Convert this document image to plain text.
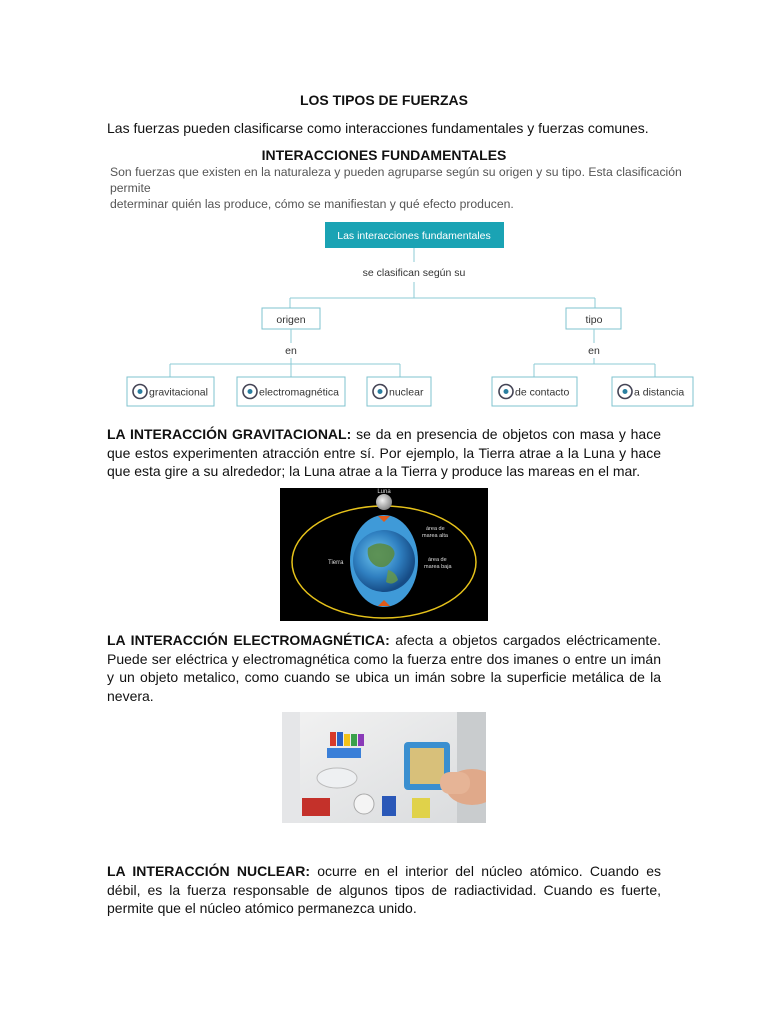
LOS TIPOS DE FUERZAS
Las fuerzas pueden clasificarse como interacciones fundamentales y fuerzas comunes.
INTERACCIONES FUNDAMENTALES
Son fuerzas que existen en la naturaleza y pueden agruparse según su origen y su tipo. Esta clasificación permite
determinar quién las produce, cómo se manifiestan y qué efecto producen.
Las interacciones fundamentales
se clasifican según su
origen
en
tipo
en
gravitacional	electromagnética	nuclear	de contacto	a distancia
LA INTERACCIÓN GRAVITACIONAL: se da en presencia de objetos con masa y hace que estos experimenten atracción entre sí. Por ejemplo, la Tierra atrae a la Luna y hace que esta gire a su alrededor; la Luna atrae a la Tierra y produce las mareas en el mar.
Luna
Tierra
área de
marea alta
área de
marea baja
LA INTERACCIÓN ELECTROMAGNÉTICA: afecta a objetos cargados eléctricamente. Puede ser eléctrica y electromagnética como la fuerza entre dos imanes o entre un imán y un objeto metalico, como cuando se ubica un imán sobre la superficie metálica de la nevera.
LA INTERACCIÓN NUCLEAR: ocurre en el interior del núcleo atómico. Cuando es débil, es la fuerza responsable de algunos tipos de radiactividad. Cuando es fuerte, permite que el núcleo atómico permanezca unido.
